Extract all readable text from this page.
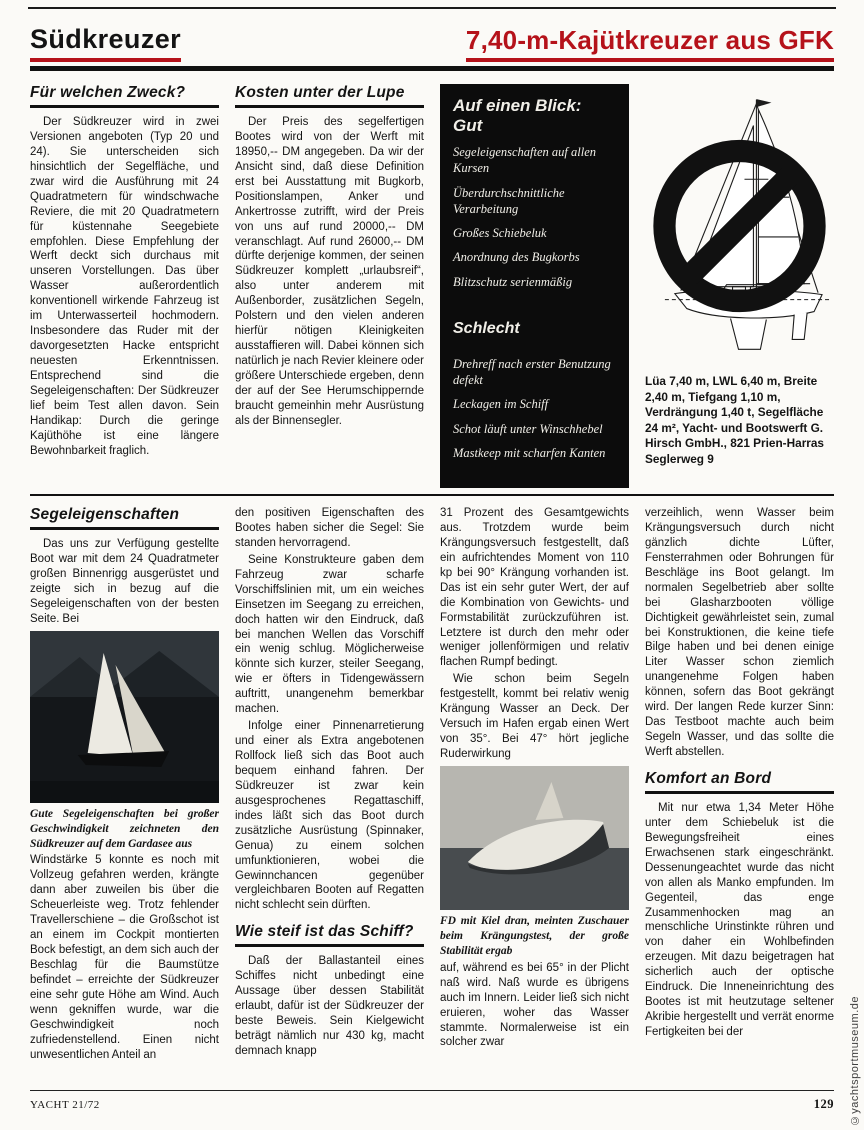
Südkreuzer	7,40-m-Kajütkreuzer aus GFK
Für welchen Zweck?

Der Südkreuzer wird in zwei Versionen angeboten (Typ 20 und 24). Sie unterscheiden sich hinsichtlich der Segelfläche, und zwar wird die Ausführung mit 24 Quadratmetern für windschwache Reviere, die mit 20 Quadratmetern für küstennahe Seegebiete empfohlen. Diese Empfehlung der Werft deckt sich durchaus mit unseren Vorstellungen. Das über Wasser außerordentlich konventionell wirkende Fahrzeug ist im Unterwasserteil hochmodern. Insbesondere das Ruder mit der davorgesetzten Hacke entspricht neuesten Erkenntnissen. Entsprechend sind die Segeleigenschaften: Der Südkreuzer lief beim Test allen davon. Sein Handikap: Durch die geringe Kajüthöhe ist eine längere Bewohnbarkeit fraglich.

Kosten unter der Lupe

Der Preis des segelfertigen Bootes wird von der Werft mit 18950,-- DM angegeben. Da wir der Ansicht sind, daß diese Definition erst bei Ausstattung mit Bugkorb, Positionslampen, Anker und Ankertrosse zutrifft, wird der Preis von uns auf rund 20000,-- DM veranschlagt. Auf rund 26000,-- DM dürfte derjenige kommen, der seinen Südkreuzer komplett „urlaubsreif“, also unter anderem mit Außenborder, zusätzlichen Segeln, Polstern und den vielen anderen hierfür nötigen Kleinigkeiten ausstaffieren will. Dabei können sich natürlich je nach Revier kleinere oder größere Unterschiede ergeben, denn der auf der See Herumschippernde braucht gemeinhin mehr Ausrüstung als der Binnensegler.

Auf einen Blick:

Gut

Segeleigenschaften auf allen Kursen
Überdurchschnittliche Verarbeitung
Großes Schiebeluk
Anordnung des Bugkorbs
Blitzschutz serienmäßig

Schlecht

Drehreff nach erster Benutzung defekt
Leckagen im Schiff
Schot läuft unter Winschhebel
Mastkeep mit scharfen Kanten

Lüa 7,40 m, LWL 6,40 m, Breite 2,40 m, Tiefgang 1,10 m, Verdrängung 1,40 t, Segelfläche 24 m², Yacht- und Bootswerft G. Hirsch GmbH., 821 Prien-Harras Seglerweg 9

Segeleigenschaften

Das uns zur Verfügung gestellte Boot war mit dem 24 Quadratmeter großen Binnenrigg ausgerüstet und zeigte sich in bezug auf die Segeleigenschaften von der besten Seite. Bei

Gute Segeleigenschaften bei großer Geschwindigkeit zeichneten den Südkreuzer auf dem Gardasee aus

Windstärke 5 konnte es noch mit Vollzeug gefahren werden, krängte dann aber zuweilen bis über die Scheuerleiste weg. Trotz fehlender Travellerschiene – die Großschot ist an einem im Cockpit montierten Bock befestigt, an dem sich auch der Beschlag für die Baumstütze befindet – erreichte der Südkreuzer eine sehr gute Höhe am Wind. Auch wenn gekniffen wurde, war die Geschwindigkeit noch zufriedenstellend. Einen nicht unwesentlichen Anteil an

den positiven Eigenschaften des Bootes haben sicher die Segel: Sie standen hervorragend.

Seine Konstrukteure gaben dem Fahrzeug zwar scharfe Vorschiffslinien mit, um ein weiches Einsetzen im Seegang zu erreichen, doch hatten wir den Eindruck, daß bei manchen Wellen das Vorschiff ein wenig schlug. Möglicherweise könnte sich kurzer, steiler Seegang, wie er öfters in Tidengewässern auftritt, unangenehm bemerkbar machen.

Infolge einer Pinnenarretierung und einer als Extra angebotenen Rollfock ließ sich das Boot auch bequem einhand fahren. Der Südkreuzer ist zwar kein ausgesprochenes Regattaschiff, indes läßt sich das Boot durch zusätzliche Ausrüstung (Spinnaker, Genua) zu einem solchen umfunktionieren, wobei die Gewinnchancen gegenüber vergleichbaren Booten auf Regatten nicht schlecht sein dürften.

Wie steif ist das Schiff?

Daß der Ballastanteil eines Schiffes nicht unbedingt eine Aussage über dessen Stabilität erlaubt, dafür ist der Südkreuzer der beste Beweis. Sein Kielgewicht beträgt nämlich nur 430 kg, macht demnach knapp

31 Prozent des Gesamtgewichts aus. Trotzdem wurde beim Krängungsversuch festgestellt, daß ein aufrichtendes Moment von 110 kp bei 90° Krängung vorhanden ist. Das ist ein sehr guter Wert, der auf die Kombination von Gewichts- und Formstabilität zurückzuführen ist. Letztere ist durch den mehr oder weniger jollenförmigen und relativ flachen Rumpf bedingt.

Wie schon beim Segeln festgestellt, kommt bei relativ wenig Krängung Wasser an Deck. Der Versuch im Hafen ergab einen Wert von 35°. Bei 47° hört jegliche Ruderwirkung

FD mit Kiel dran, meinten Zuschauer beim Krängungstest, der große Stabilität ergab

auf, während es bei 65° in der Plicht naß wird. Naß wurde es übrigens auch im Innern. Leider ließ sich nicht eruieren, woher das Wasser stammte. Normalerweise ist ein solcher zwar

verzeihlich, wenn Wasser beim Krängungsversuch durch nicht gänzlich dichte Lüfter, Fensterrahmen oder Bohrungen für Beschläge ins Boot gelangt. Im normalen Segelbetrieb aber sollte bei Glasharzbooten völlige Dichtigkeit gewährleistet sein, zumal bei Konstruktionen, die keine tiefe Bilge haben und bei denen einige Liter Wasser schon ziemlich unangenehme Folgen haben können, sofern das Boot gekrängt wird. Der langen Rede kurzer Sinn: Das Testboot machte auch beim Segeln Wasser, und das sollte die Werft abstellen.

Komfort an Bord

Mit nur etwa 1,34 Meter Höhe unter dem Schiebeluk ist die Bewegungsfreiheit eines Erwachsenen stark eingeschränkt. Dessenungeachtet wurde das nicht von allen als Manko empfunden. Im Gegenteil, das enge Zusammenhocken mag an menschliche Urinstinkte rühren und von daher ein Wohlbefinden erzeugen. Mit dazu beigetragen hat sicherlich auch der optische Eindruck. Die Inneneinrichtung des Bootes ist mit heutzutage seltener Akribie hergestellt und verrät enorme Fertigkeiten bei der

YACHT 21/72	129 ©yachtsportmuseum.de
